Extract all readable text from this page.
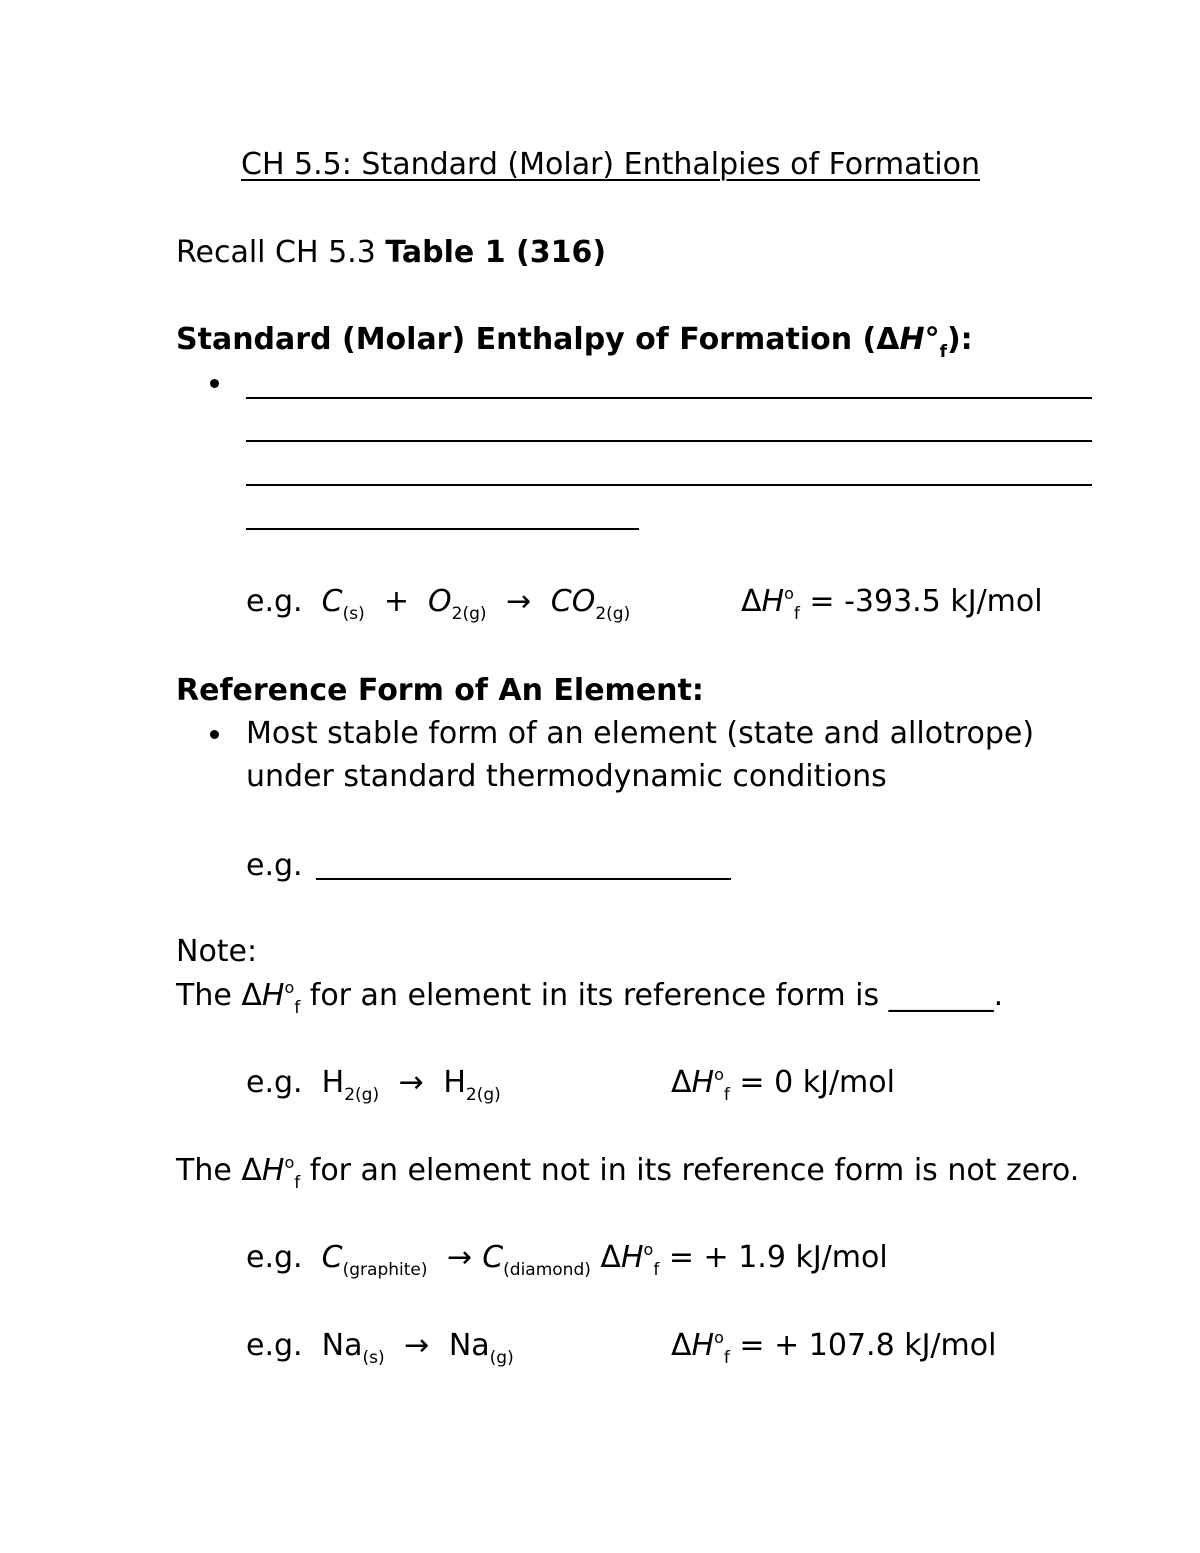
CH 5.5: Standard (Molar) Enthalpies of Formation
Recall CH 5.3 Table 1 (316)
Standard (Molar) Enthalpy of Formation $(\Delta H^\circ_f)$:
e.g. $C_{(s)} + O_{2(g)} \to CO_{2(g)}$	$\Delta H^o_f = -393.5$ kJ/mol
Reference Form of An Element:
Most stable form of an element (state and allotrope)
under standard thermodynamic conditions
e.g.
Note:
The $\Delta H^o_f$ for an element in its reference form is _______.
e.g. $H_{2(g)} \to H_{2(g)}$	$\Delta H^o_f = 0$ kJ/mol
The $\Delta H^o_f$ for an element not in its reference form is not zero.
e.g. $C_{(graphite)} \to C_{(diamond)}$ $\Delta H^o_f$ = + 1.9 kJ/mol
e.g. $Na_{(s)} \to Na_{(g)}$	$\Delta H^o_f$ = + 107.8 kJ/mol
